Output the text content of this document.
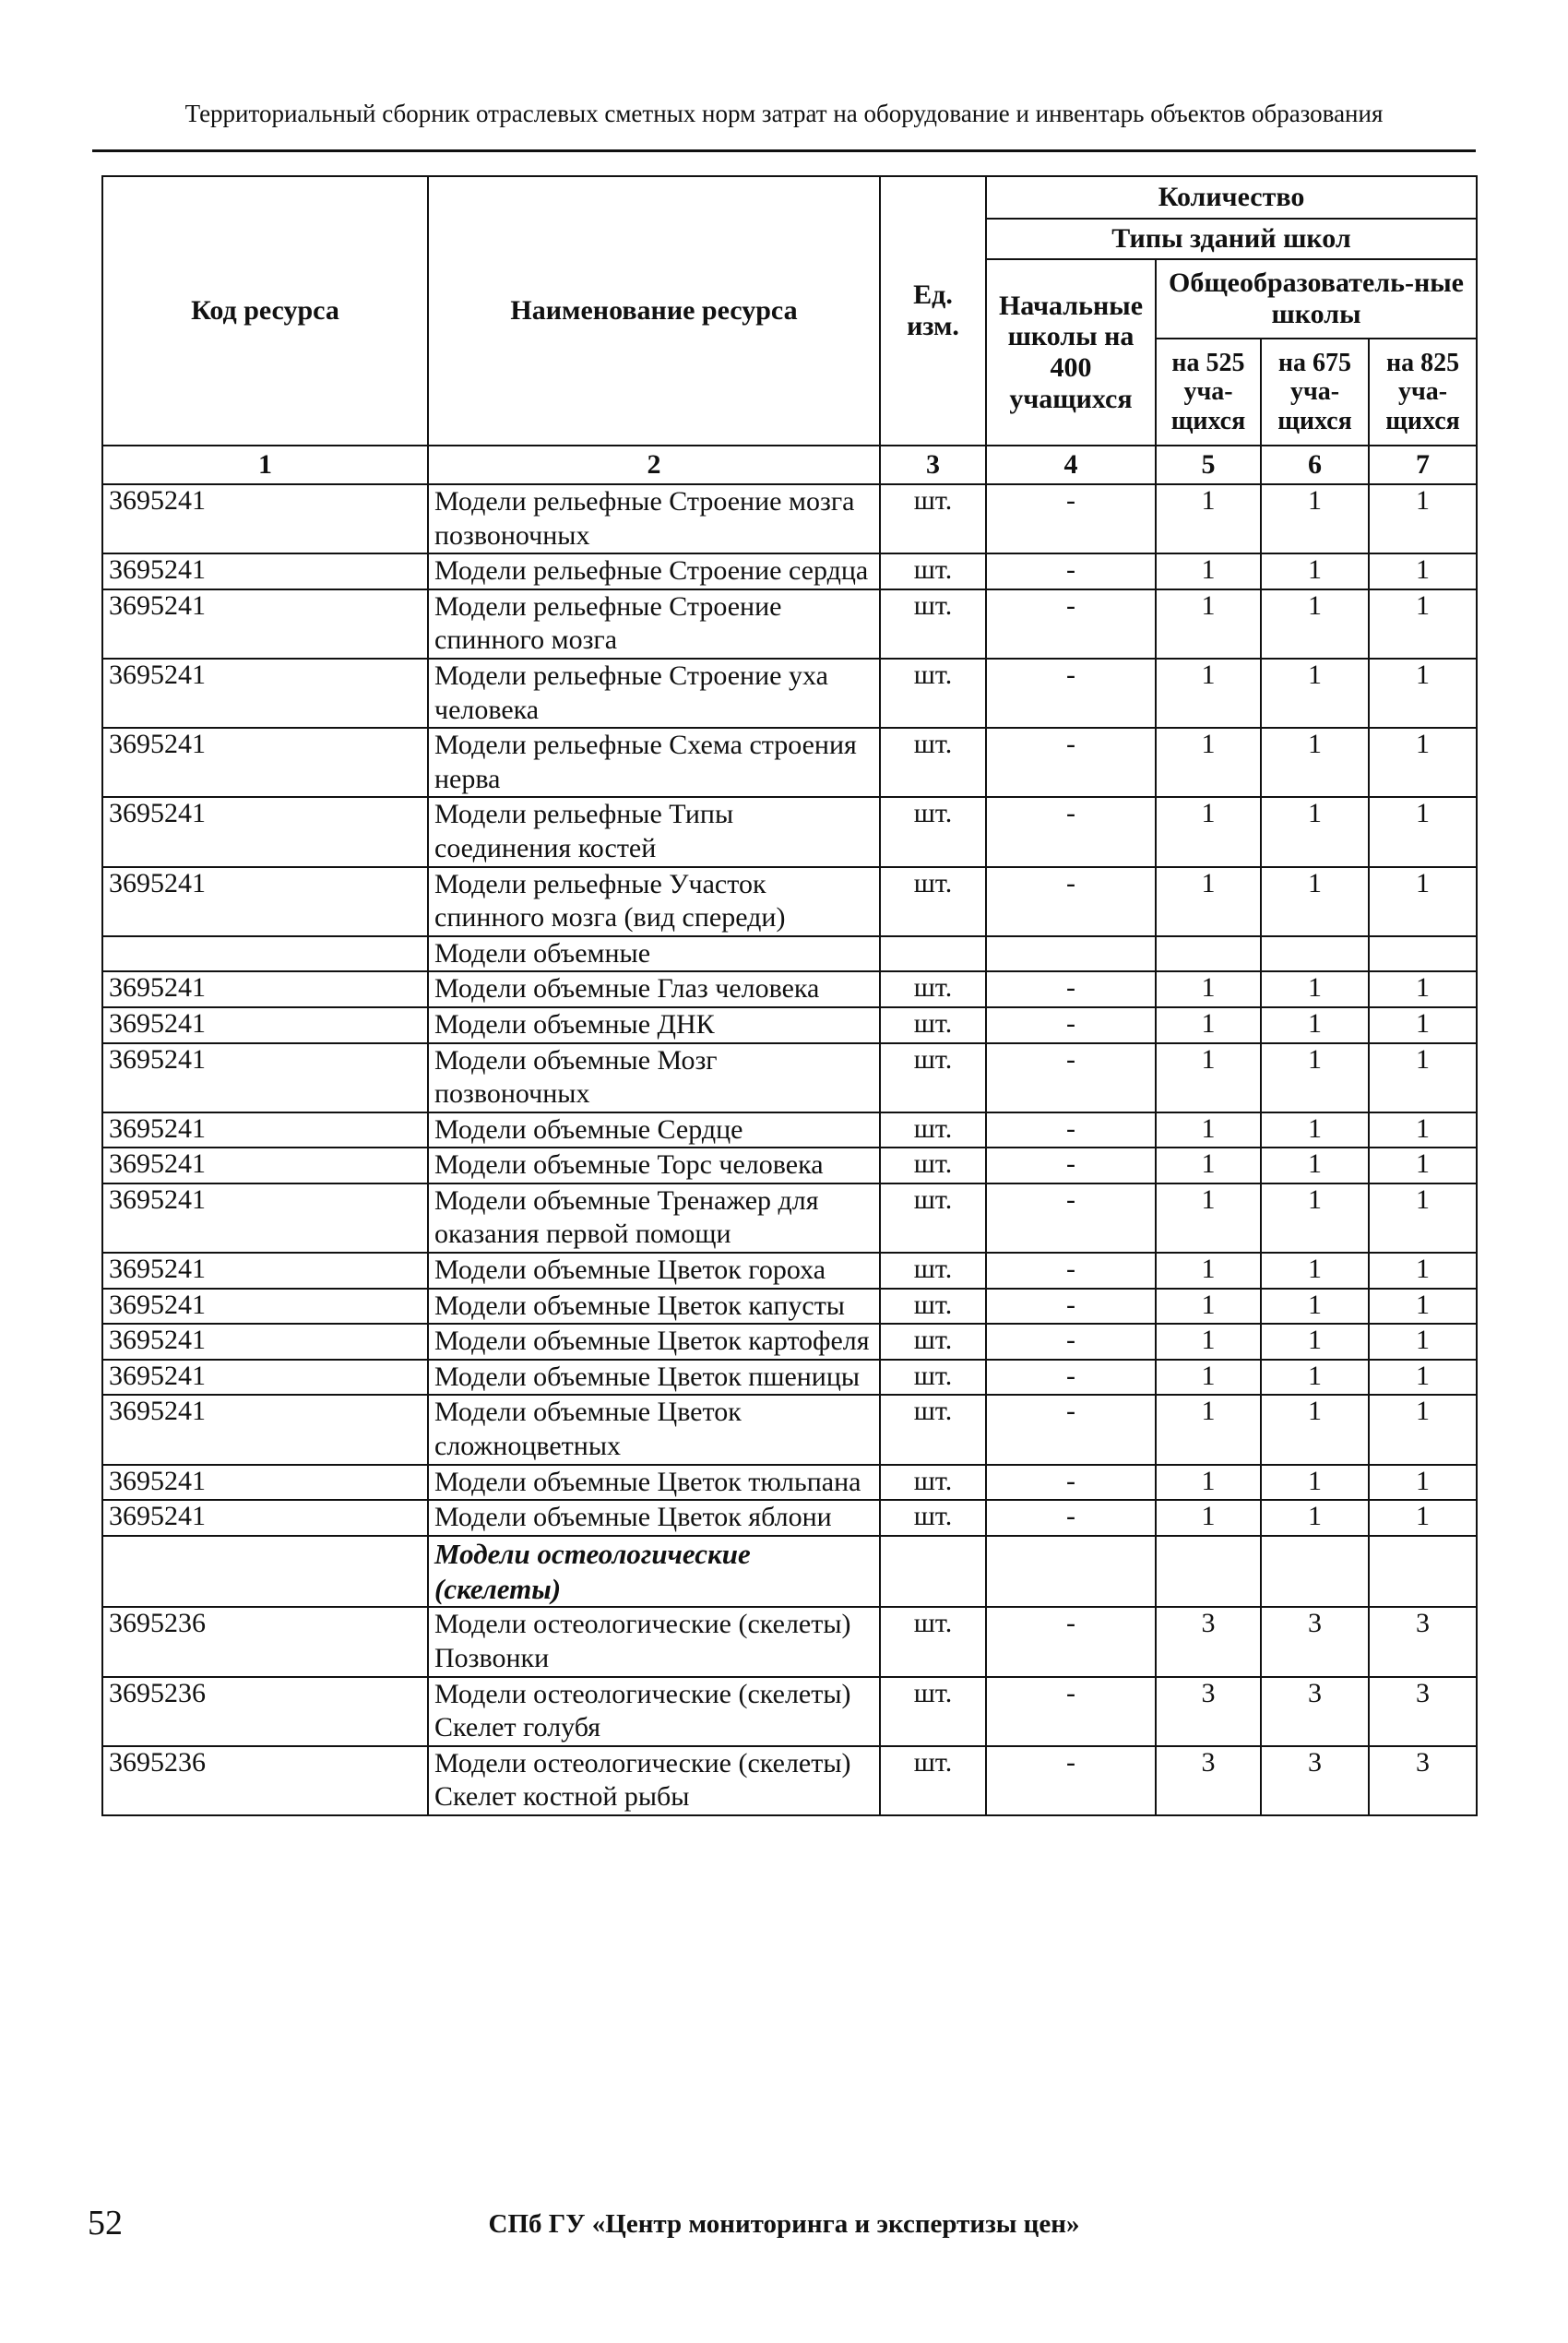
Территориальный сборник отраслевых сметных норм затрат на оборудование и инвентарь объектов образования
Код ресурса	Наименование ресурса	Ед. изм.	Количество			
			Типы зданий школ			
			Начальные школы на 400 учащихся	Общеобразователь-ные школы		
				на 525 уча-щихся	на 675 уча-щихся	на 825 уча-щихся
1	2	3	4	5	6	7
3695241	Модели рельефные Строение мозга позвоночных	шт.	-	1	1	1
3695241	Модели рельефные Строение сердца	шт.	-	1	1	1
3695241	Модели рельефные Строение спинного мозга	шт.	-	1	1	1
3695241	Модели рельефные Строение уха человека	шт.	-	1	1	1
3695241	Модели рельефные Схема строения нерва	шт.	-	1	1	1
3695241	Модели рельефные Типы соединения костей	шт.	-	1	1	1
3695241	Модели рельефные Участок спинного мозга (вид спереди)	шт.	-	1	1	1
	Модели объемные					
3695241	Модели объемные Глаз человека	шт.	-	1	1	1
3695241	Модели объемные ДНК	шт.	-	1	1	1
3695241	Модели объемные Мозг позвоночных	шт.	-	1	1	1
3695241	Модели объемные Сердце	шт.	-	1	1	1
3695241	Модели объемные Торс человека	шт.	-	1	1	1
3695241	Модели объемные Тренажер для оказания первой помощи	шт.	-	1	1	1
3695241	Модели объемные Цветок гороха	шт.	-	1	1	1
3695241	Модели объемные Цветок капусты	шт.	-	1	1	1
3695241	Модели объемные Цветок картофеля	шт.	-	1	1	1
3695241	Модели объемные Цветок пшеницы	шт.	-	1	1	1
3695241	Модели объемные Цветок сложноцветных	шт.	-	1	1	1
3695241	Модели объемные Цветок тюльпана	шт.	-	1	1	1
3695241	Модели объемные Цветок яблони	шт.	-	1	1	1
	Модели остеологические (скелеты)					
3695236	Модели остеологические (скелеты) Позвонки	шт.	-	3	3	3
3695236	Модели остеологические (скелеты) Скелет голубя	шт.	-	3	3	3
3695236	Модели остеологические (скелеты) Скелет костной рыбы	шт.	-	3	3	3
52	СПб ГУ «Центр мониторинга и экспертизы цен»
